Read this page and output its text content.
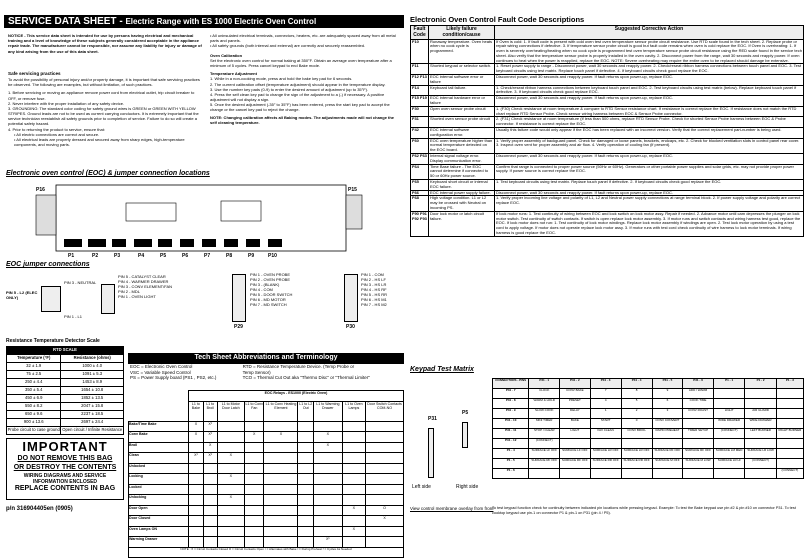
SERVICE DATA SHEET - Electric Range with ES 1000 Electric Oven Control
NOTICE - This service data sheet is intended for use by persons having electrical and mechanical training and a level of knowledge of these subjects generally considered acceptable in the appliance repair trade. The manufacturer cannot be responsible, nor assume any liability for injury or damage of any kind arising from the use of this data sheet.
Safe servicing practices
To avoid the possibility of personal injury and/or property damage, it is important that safe servicing practices be observed. The following are examples, but without limitation, of such practices.
1. Before servicing or moving an appliance remove power cord from electrical outlet, trip circuit breaker to OFF, or remove fuse.
2. Never interfere with the proper installation of any safety device.
3. GROUNDING: The standard color coding for safety ground wires is GREEN or GREEN WITH YELLOW STRIPES. Ground leads are not to be used as current carrying conductors. It is extremely important that the service technician reestablish all safety grounds prior to completion of service. Failure to do so will create a potential safety hazard.
4. Prior to returning the product to service, ensure that:
• All electric connections are correct and secure.
• All electrical leads are properly dressed and secured away from sharp edges, high-temperature components, and moving parts.
• All uninsulated electrical terminals, connectors, heaters, etc. are adequately spaced away from all metal parts and panels.
• All safety grounds (both internal and external) are correctly and securely reassembled.
Oven Calibration
Set the electronic oven control for normal baking at 350°F. Obtain an average oven temperature after a minimum of 5 cycles. Press cancel keypad to end Bake mode.
Temperature Adjustment
1. While in a non-cooking mode, press and hold the bake key pad for 6 seconds.
2. The current calibration offset (temperature adjustment) should appear in the temperature display.
3. Use the number key pads (0-9) to enter the desired amount of adjustment (up to 35°F).
4. Press the self clean key pad to change the sign of the adjustment to a (-) if necessary. A positive adjustment will not display a sign.
5. Once the desired adjustment (-35° to 35°F) has been entered, press the start key pad to accept the change or the cancel key pad to reject the change.
NOTE: Changing calibration affects all Baking modes. The adjustments made will not change the self cleaning temperature.
Electronic oven control (EOC) & jumper connection locations
P1	P2	P3	P4	P5	P6	P7	P8	P9	P10
P16	P15
EOC jumper connections
PIN 5 - L2 (ELEC ONLY)
PIN 3 - NEUTRAL
PIN 1 - L1
PIN 5 - CATALYST CLEAR
PIN 4 - WARMER DRAWER
PIN 3 - CONV ELEMENT/FAN
PIN 2 - MDL
PIN 1 - OVEN LIGHT
PIN 1 - OVEN PROBE
PIN 2 - OVEN PROBE
PIN 3 - (BLANK)
PIN 4 - COM
PIN 5 - DOOR SWITCH
PIN 6 - MD MOTOR
PIN 7 - MD SWITCH
P29
PIN 1 - COM
PIN 2 - HS LF
PIN 3 - HS LR
PIN 4 - HS RF
PIN 5 - HS RR
PIN 6 - HS M1
PIN 7 - HS M2
P30
Resistance Temperature Detector Scale
RTD SCALE	
Temperature (°F)	Resistance (ohms)
32 ± 1.9	1000 ± 4.0
75 ± 2.5	1091 ± 5.3
250 ± 4.4	1453 ± 8.9
350 ± 5.4	1654 ± 10.8
450 ± 6.9	1852 ± 13.5
550 ± 8.2	2047 ± 15.8
650 ± 9.6	2237 ± 18.5
900 ± 13.6	2697 ± 24.4
Probe circuit to case ground	Open circuit / Infinite Resistance
IMPORTANT
DO NOT REMOVE THIS BAG
OR DESTROY THE CONTENTS
WIRING DIAGRAMS AND SERVICE
INFORMATION ENCLOSED
REPLACE CONTENTS IN BAG
p/n 316904405en (0905)
Tech Sheet Abbreviations and Terminology
EOC = Electronic Oven Control	RTD = Resistance Temperature Device. (Temp Probe or
VSC = Variable Speed Control	Temp Sensor)
PS = Power Supply board (PS1 , PS2, etc.)	TCO = Thermal Cut Out aka "Thermo Disc" or "Thermal Limiter"
	EOC Relays - ES1000 (Electric Oven)								
	L1 to Bake	L1 to Broil	L1 to Motor Door Latch	L1 to Conv Fan	L1 to Conv Heating Element	L1 to L2 Out	L1 to Warming Drawer	L1 to Oven Lamps	Door Switch Contacts COM-NO
Bake/Time Bake	X	X¹							
Conv Bake	X	X¹		X	X		X		
Broil		X					X		
Clean	X¹	X¹	X						
Unlocked									
Locking			X						
Locked									
Unlocking			X						
Door Open								X	O
Door Closed									X
Oven Lamps ON								X	
Warming Drawer							X¹		
NOTE : X = Circuit Contacts Closed O = Circuit Contacts Open ¹ = Alternates with Bake ² = During Preheat ³ = Cycles As Needed									
Electronic Oven Control Fault Code Descriptions
Fault Code	Likely failure condition/cause	Suggested Corrective Action
F10	Runaway temperature. Oven heats when no cook cycle is programmed.	If Oven is cold: 1. If fault code is present with cold oven test oven temperature sensor probe circuit resistance. Use RTD scale found in the tech sheet. 2. Replace probe or repair wiring connections if defective. 3. If temperature sensor probe circuit is good but fault code remains when oven is cold replace the EOC. If Oven is overheating: 1. If oven is severely overheating/heating when no cook cycle is programmed test oven temperature sensor probe circuit resistance using the RED scale found in the service tech sheet. Also verify that the temperature sensor probe is properly installed in the oven cavity. 2. Disconnect power from the range, wait 30 seconds and reapply power. If oven continues to heat when the power is reapplied, replace the EOC. NOTE: Severe overheating may require the entire oven to be replaced should damage be extensive.
F11	Shorted keypad or selector switch.	1. Reset power supply to range - Disconnect power, wait 30 seconds and reapply power. 2. Check/reseat ribbon harness connections between touch panel and EOC. 3. Test keyboard circuits using test matrix. Replace touch panel if defective. 4. If keyboard circuits check good replace the EOC.
F12 F13	EOC internal software error or failure	Disconnect power, wait 30 seconds and reapply power. If fault returns upon power-up, replace EOC.
F14	Keyboard tail failure.	1. Check/reseat ribbon harness connections between keyboard touch panel and EOC. 2. Test keyboard circuits using test matrix (below). Replace keyboard touch panel if defective. 3. If keyboard circuits check good replace EOC.
F15 F19	EOC internal hardware error or failure	Disconnect power, wait 30 seconds and reapply power. If fault returns upon power-up, replace EOC.
F30	Open oven sensor probe circuit	1. (F30) Check resistance at room temperature & compare to RTD Sensor resistance chart. If resistance is correct replace the EOC. If resistance does not match the RTD chart replace RTD Sensor Probe. Check sensor wiring harness between EOC & Sensor Probe connector.
F31	Shorted oven sensor probe circuit	2. (F31) Check resistance at room temperature (if less than 500 ohms, replace RTD Sensor Probe. Check for shorted Sensor Probe harness between EOC & Probe connector. If resistance is correct replace the EOC.
F42	EOC internal software configuration error.	Usually this failure code would only appear if the EOC has been replaced with an incorrect version. Verify that the correct replacement part-number is being used.
F60	EOC oven temperature higher than normal temperature detected on the EOC board.	1. Verify proper assembly of backguard panel. Check for damaged or loose panels, brackets, endcaps, etc. 2. Check for blocked ventilation slots in control panel rear cover. 3. Inspect oven vent for proper assembly and air flow. 4. Verify operation of cooling fan (if present).
F62 F63	Internal signal voltage error. Display communication error.	Disconnect power, wait 30 seconds and reapply power. If fault returns upon power-up, replace EOC.
F64	Time Base failure - The EOC cannot determine if connected to 50 or 60Hz power source.	Confirm that range is connected to proper power source (50Hz or 60Hz). Generators or other portable power supplies and solar grids, etc. may not provide proper power supply. If power source is correct replace the EOC.
F65	Keyboard short circuit or internal EOC failure.	1. Test keyboard circuits using test matrix. Replace touch panel if defective. 2. If keyboard circuits check good replace the EOC.
F66	EOC internal power supply failure.	Disconnect power, wait 30 seconds and reapply power. If fault returns upon power-up, replace EOC.
F68	High voltage condition. L1 or L2 may be crossed with Neutral on incoming PS.	1. Verify proper incoming line voltage and polarity of L1, L2 and Neutral power supply connections at range terminal block. 2. If power supply voltage and polarity are correct replace EOC.
F90 F91 F92 F93	Door lock motor or latch circuit failure.	If lock motor runs: 1. Test continuity of wiring between EOC and lock switch on lock motor assy. Repair if needed. 2. Advance motor until cam depresses the plunger on lock motor switch. Test continuity of switch contacts. If switch is open replace lock motor assembly. 3. If motor runs and switch contacts and wiring harness test good, replace the EOC. If lock motor does not run: 1. Test continuity of lock motor windings. Replace lock motor assembly if windings are open. 2. Test lock motor operation by using a test cord to apply voltage. If motor does not operate replace lock motor assy. 3. If motor runs with test cord check continuity of wire harness to lock motor terminals. If wiring harness is good replace the EOC.
Keypad Test Matrix
P31
P5
Left side	Right side
View control membrane overlay from front
CONNECTORS - PINS	P31 - 1	P31 - 2	P31 - 3	P31 - 4	P31 - 5	P31 - 6	P1 - 1	P1 - 2	P1 - 3
P31 - 7	CLOCK	CONV BAKE	7	8	9	ADD / WARM			
P31 - 8	WARM & HOLD	PRESET	4	5	6	COOK TIME			
P31 - 9	SLOW COOK	DELAY	1	2	3	CONV ROAST	LIGHT	AIR GUARD	
P31 - 10	MINI TIMER	BAKE	START	0	CONV CONVERT		WIDE DRAWER	WIDE DRAWER	
P31 - 11	STOP / CLEAR	LIGHT	FAV CLEAN	CONV BROIL	RAPID PREHEAT	TIMER SETUP	(CONNECT)	LEFT BURNER	RIGHT BURNER
P31 - 12	(CONNECT)								
P1 - 4	SURFACE LF OFF	SURFACE LF OFF	SURFACE LR OFF	SURFACE LR OFF	SURFACE RF OFF	SURFACE RF OFF	SURFACE LM MED	SURFACE LR LOW	
P1 - 5	SURFACE RF OFF	SURFACE RF OFF	SURFACE RR OFF	SURFACE RR OFF	SURFACE M OFF	SURFACE M LOW	SURFACE LR HI	(CONNECT)	
P1 - 6									(CONNECT)
To test keypad function check for continuity between indicated pin locations while pressing keypad. Example: To test the Bake keypad use pin #2 & pin #10 on connector P31. To test cooktop keypad use pin-1 on connector P1 & pin-1 on P31 (pin 4 / P5).
